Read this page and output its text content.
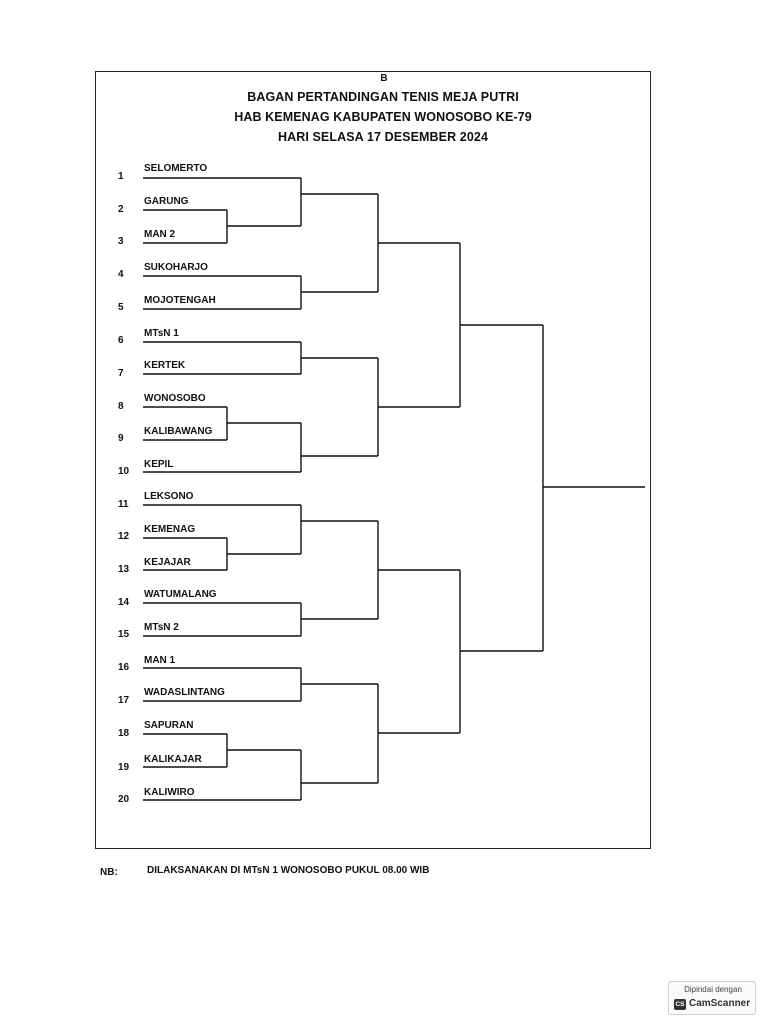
B
BAGAN PERTANDINGAN TENIS MEJA PUTRI
HAB KEMENAG KABUPATEN WONOSOBO KE-79
HARI SELASA 17 DESEMBER 2024
1
SELOMERTO
2
GARUNG
3
MAN 2
4
SUKOHARJO
5
MOJOTENGAH
6
MTsN 1
7
KERTEK
8
WONOSOBO
9
KALIBAWANG
10
KEPIL
11
LEKSONO
12
KEMENAG
13
KEJAJAR
14
WATUMALANG
15
MTsN 2
16
MAN 1
17
WADASLINTANG
18
SAPURAN
19
KALIKAJAR
20
KALIWIRO
NB:	DILAKSANAKAN DI MTsN 1 WONOSOBO PUKUL 08.00 WIB
Dipindai dengan
CS CamScanner
